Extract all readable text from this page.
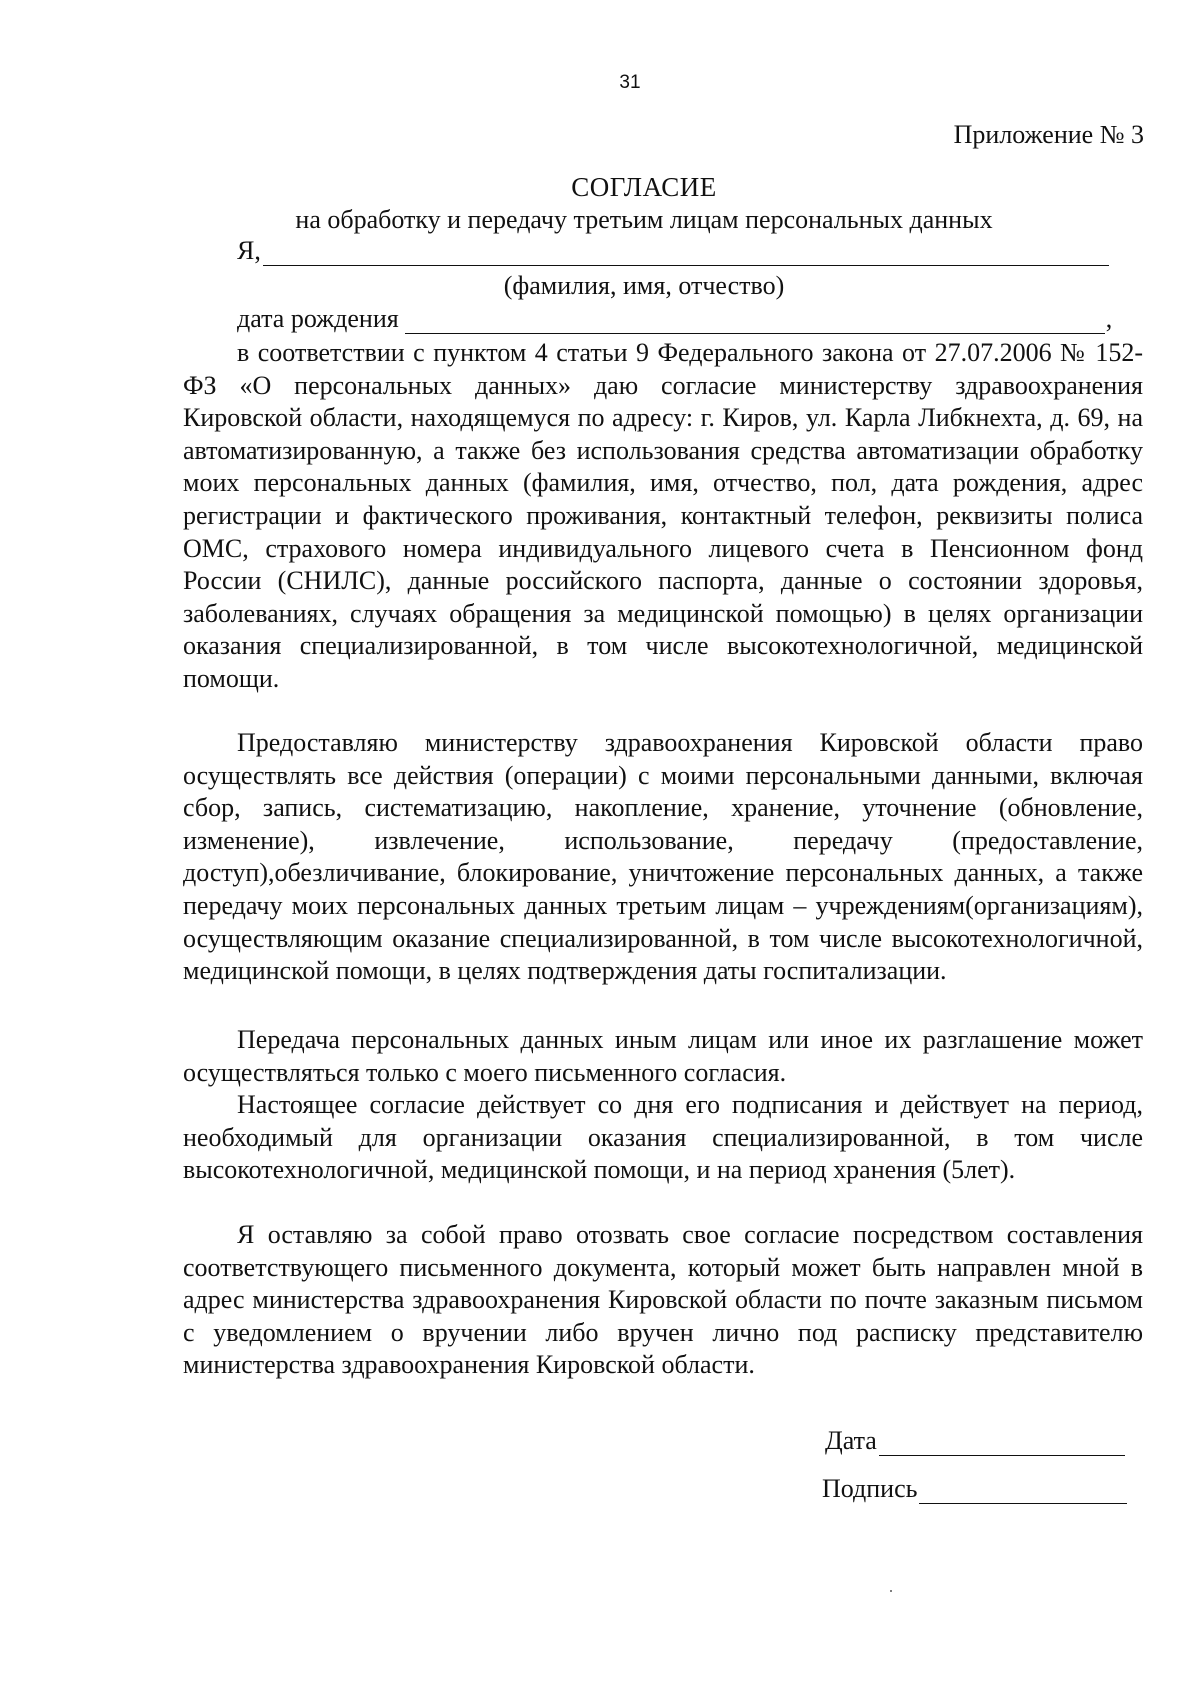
31
Приложение № 3
СОГЛАСИЕ
на обработку и передачу третьим лицам персональных данных
Я,
(фамилия, имя, отчество)
дата рождения	,

в соответствии с пунктом 4 статьи 9 Федерального закона от 27.07.2006 № 152-ФЗ «О персональных данных» даю согласие министерству здравоохранения Кировской области, находящемуся по адресу: г. Киров, ул. Карла Либкнехта, д. 69, на автоматизированную, а также без использования средства автоматизации обработку моих персональных данных (фамилия, имя, отчество, пол, дата рождения, адрес регистрации и фактического проживания, контактный телефон, реквизиты полиса ОМС, страхового номера индивидуального лицевого счета в Пенсионном фонд России (СНИЛС), данные российского паспорта, данные о состоянии здоровья, заболеваниях, случаях обращения за медицинской помощью) в целях организации оказания специализированной, в том числе высокотехнологичной, медицинской помощи.

Предоставляю министерству здравоохранения Кировской области право осуществлять все действия (операции) с моими персональными данными, включая сбор, запись, систематизацию, накопление, хранение, уточнение (обновление, изменение), извлечение, использование, передачу (предоставление, доступ),обезличивание, блокирование, уничтожение персональных данных, а также передачу моих персональных данных третьим лицам – учреждениям(организациям), осуществляющим оказание специализированной, в том числе высокотехнологичной, медицинской помощи, в целях подтверждения даты госпитализации.

Передача персональных данных иным лицам или иное их разглашение может осуществляться только с моего письменного согласия.

Настоящее согласие действует со дня его подписания и действует на период, необходимый для организации оказания специализированной, в том числе высокотехнологичной, медицинской помощи, и на период хранения (5лет).

Я оставляю за собой право отозвать свое согласие посредством составления соответствующего письменного документа, который может быть направлен мной в адрес министерства здравоохранения Кировской области по почте заказным письмом с уведомлением о вручении либо вручен лично под расписку представителю министерства здравоохранения Кировской области.

Дата
Подпись
